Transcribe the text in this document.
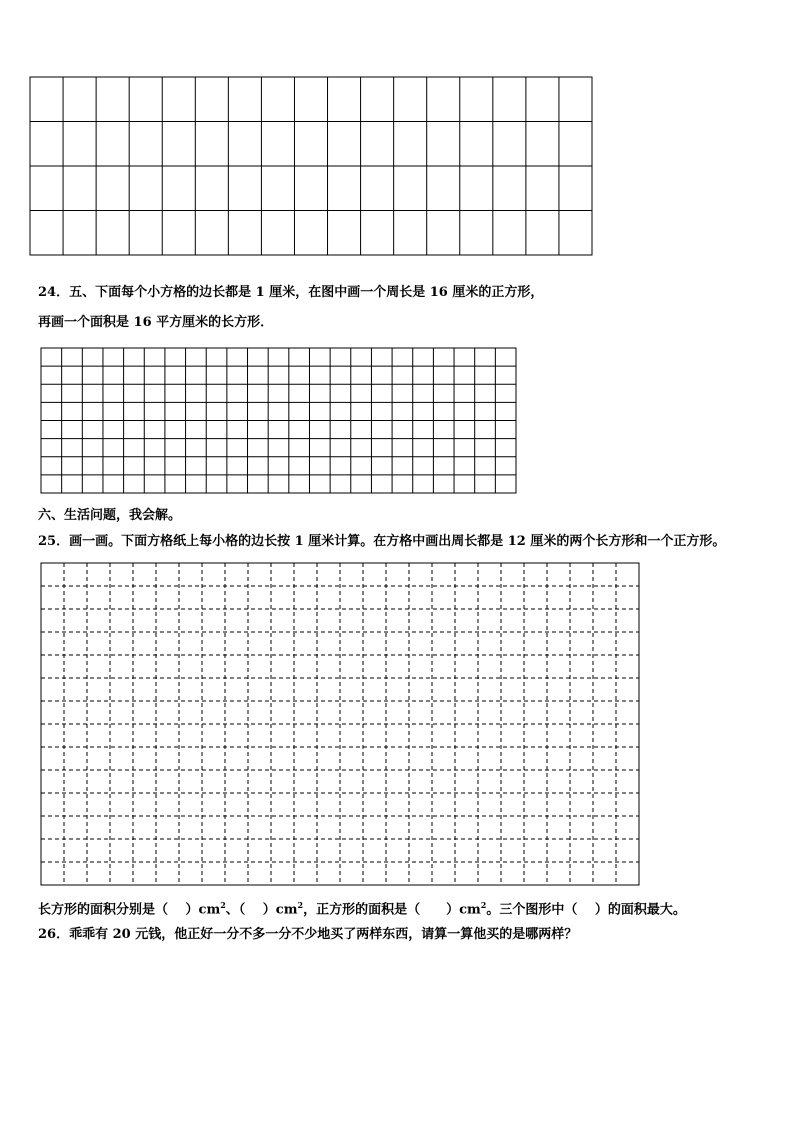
24．五、下面每个小方格的边长都是 1 厘米，在图中画一个周长是 16 厘米的正方形，
再画一个面积是 16 平方厘米的长方形．
六、生活问题，我会解。
25．画一画。下面方格纸上每小格的边长按 1 厘米计算。在方格中画出周长都是 12 厘米的两个长方形和一个正方形。
长方形的面积分别是（　 ）$cm^2$、（　 ）$cm^2$，正方形的面积是（　　）$cm^2$。三个图形中（　 ）的面积最大。
26．乖乖有 20 元钱，他正好一分不多一分不少地买了两样东西，请算一算他买的是哪两样？
